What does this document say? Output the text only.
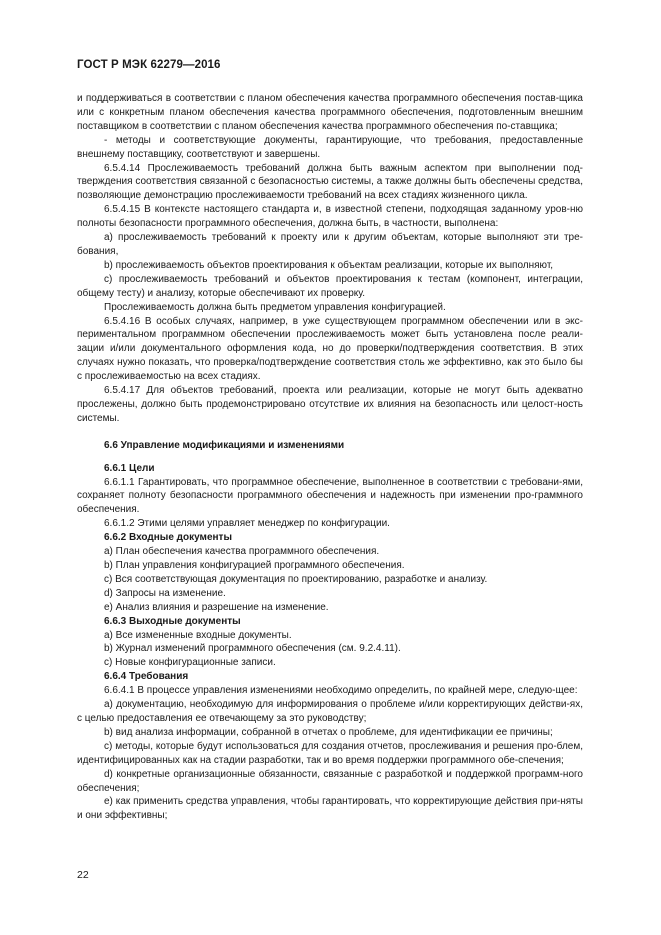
ГОСТ Р МЭК 62279—2016

и поддерживаться в соответствии с планом обеспечения качества программного обеспечения постав-щика или с конкретным планом обеспечения качества программного обеспечения, подготовленным внешним поставщиком в соответствии с планом обеспечения качества программного обеспечения по-ставщика;

- методы и соответствующие документы, гарантирующие, что требования, предоставленные внешнему поставщику, соответствуют и завершены.

6.5.4.14 Прослеживаемость требований должна быть важным аспектом при выполнении под-тверждения соответствия связанной с безопасностью системы, а также должны быть обеспечены средства, позволяющие демонстрацию прослеживаемости требований на всех стадиях жизненного цикла.

6.5.4.15 В контексте настоящего стандарта и, в известной степени, подходящая заданному уров-ню полноты безопасности программного обеспечения, должна быть, в частности, выполнена:

a) прослеживаемость требований к проекту или к другим объектам, которые выполняют эти тре-бования,

b) прослеживаемость объектов проектирования к объектам реализации, которые их выполняют,

c) прослеживаемость требований и объектов проектирования к тестам (компонент, интеграции, общему тесту) и анализу, которые обеспечивают их проверку.

Прослеживаемость должна быть предметом управления конфигурацией.

6.5.4.16 В особых случаях, например, в уже существующем программном обеспечении или в экс-периментальном программном обеспечении прослеживаемость может быть установлена после реали-зации и/или документального оформления кода, но до проверки/подтверждения соответствия. В этих случаях нужно показать, что проверка/подтверждение соответствия столь же эффективно, как это было бы с прослеживаемостью на всех стадиях.

6.5.4.17 Для объектов требований, проекта или реализации, которые не могут быть адекватно прослежены, должно быть продемонстрировано отсутствие их влияния на безопасность или целост-ность системы.

6.6 Управление модификациями и изменениями

6.6.1 Цели

6.6.1.1 Гарантировать, что программное обеспечение, выполненное в соответствии с требовани-ями, сохраняет полноту безопасности программного обеспечения и надежность при изменении про-граммного обеспечения.

6.6.1.2 Этими целями управляет менеджер по конфигурации.

6.6.2 Входные документы

a) План обеспечения качества программного обеспечения.

b) План управления конфигурацией программного обеспечения.

c) Вся соответствующая документация по проектированию, разработке и анализу.

d) Запросы на изменение.

e) Анализ влияния и разрешение на изменение.

6.6.3 Выходные документы

a) Все измененные входные документы.

b) Журнал изменений программного обеспечения (см. 9.2.4.11).

c) Новые конфигурационные записи.

6.6.4 Требования

6.6.4.1 В процессе управления изменениями необходимо определить, по крайней мере, следую-щее:

a) документацию, необходимую для информирования о проблеме и/или корректирующих действи-ях, с целью предоставления ее отвечающему за это руководству;

b) вид анализа информации, собранной в отчетах о проблеме, для идентификации ее причины;

c) методы, которые будут использоваться для создания отчетов, прослеживания и решения про-блем, идентифицированных как на стадии разработки, так и во время поддержки программного обе-спечения;

d) конкретные организационные обязанности, связанные с разработкой и поддержкой программ-ного обеспечения;

e) как применить средства управления, чтобы гарантировать, что корректирующие действия при-няты и они эффективны;

22
